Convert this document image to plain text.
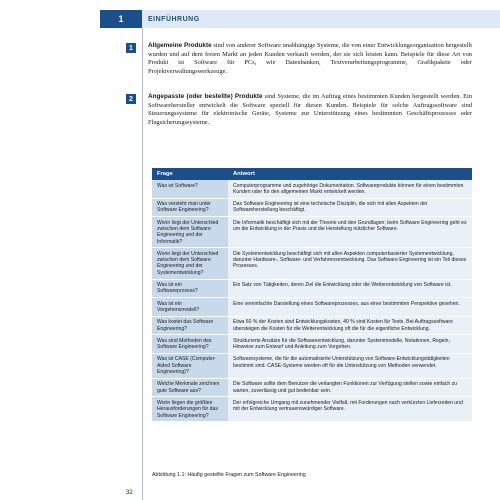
1	EINFÜHRUNG
1	Allgemeine Produkte sind von anderer Software unabhängige Systeme, die von einer Entwicklungsorganisation hergestellt wurden und auf dem freien Markt an jeden Kunden verkauft werden, der sie sich leisten kann. Beispiele für diese Art von Produkt ist Software für PCs, wie Datenbanken, Textverarbeitungsprogramme, Grafikpakete oder Projektverwaltungswerkzeuge.
2	Angepasste (oder bestellte) Produkte sind Systeme, die im Auftrag eines bestimmten Kunden hergestellt werden. Ein Softwarehersteller entwickelt die Software speziell für diesen Kunden. Beispiele für solche Auftragssoftware sind Steuerungssysteme für elektronische Geräte, Systeme zur Unterstützung eines bestimmten Geschäftsprozesses oder Flugsicherungssysteme.
Frage	Antwort
Was ist Software?	Computerprogramme und zugehörige Dokumentation. Softwareprodukte können für einen bestimmten Kunden oder für den allgemeinen Markt entwickelt werden.
Was versteht man unter Software Engineering?	Das Software Engineering ist eine technische Disziplin, die sich mit allen Aspekten der Softwareherstellung beschäftigt.
Worin liegt der Unterschied zwischen dem Software Engineering und der Informatik?	Die Informatik beschäftigt sich mit der Theorie und den Grundlagen; beim Software Engineering geht es um die Entwicklung in der Praxis und die Herstellung nützlicher Software.
Worin liegt der Unterschied zwischen dem Software Engineering und der Systementwicklung?	Die Systementwicklung beschäftigt sich mit allen Aspekten computerbasierter Systementwicklung, darunter Hardware-, Software- und Verfahrensentwicklung. Das Software Engineering ist ein Teil dieses Prozesses.
Was ist ein Softwareprozess?	Ein Satz von Tätigkeiten, deren Ziel die Entwicklung oder die Weiterentwicklung von Software ist.
Was ist ein Vorgehensmodell?	Eine vereinfachte Darstellung eines Softwareprozesses, aus einer bestimmten Perspektive gesehen.
Was kostet das Software Engineering?	Etwa 60 % der Kosten sind Entwicklungskosten, 40 % sind Kosten für Tests. Bei Auftragssoftware übersteigen die Kosten für die Weiterentwicklung oft die für die eigentliche Entwicklung.
Was sind Methoden des Software Engineering?	Strukturierte Ansätze für die Softwareentwicklung, darunter Systemmodelle, Notationen, Regeln, Hinweise zum Entwurf und Anleitung zum Vorgehen.
Was ist CASE (Computer-Aided Software Engineering)?	Softwaresysteme, die für die automatisierte Unterstützung von Software-Entwicklungstätigkeiten bestimmt sind. CASE-Systeme werden oft für die Unterstützung von Methoden verwendet.
Welche Merkmale zeichnen gute Software aus?	Die Software sollte dem Benutzer die verlangten Funktionen zur Verfügung stellen sowie einfach zu warten, zuverlässig und gut bedienbar sein.
Worin liegen die größten Herausforderungen für das Software Engineering?	Der erfolgreiche Umgang mit zunehmender Vielfalt, mit Forderungen nach verkürzten Lieferzeiten und mit der Entwicklung vertrauenswürdiger Software.
Abbildung 1.1: Häufig gestellte Fragen zum Software Engineering
32
